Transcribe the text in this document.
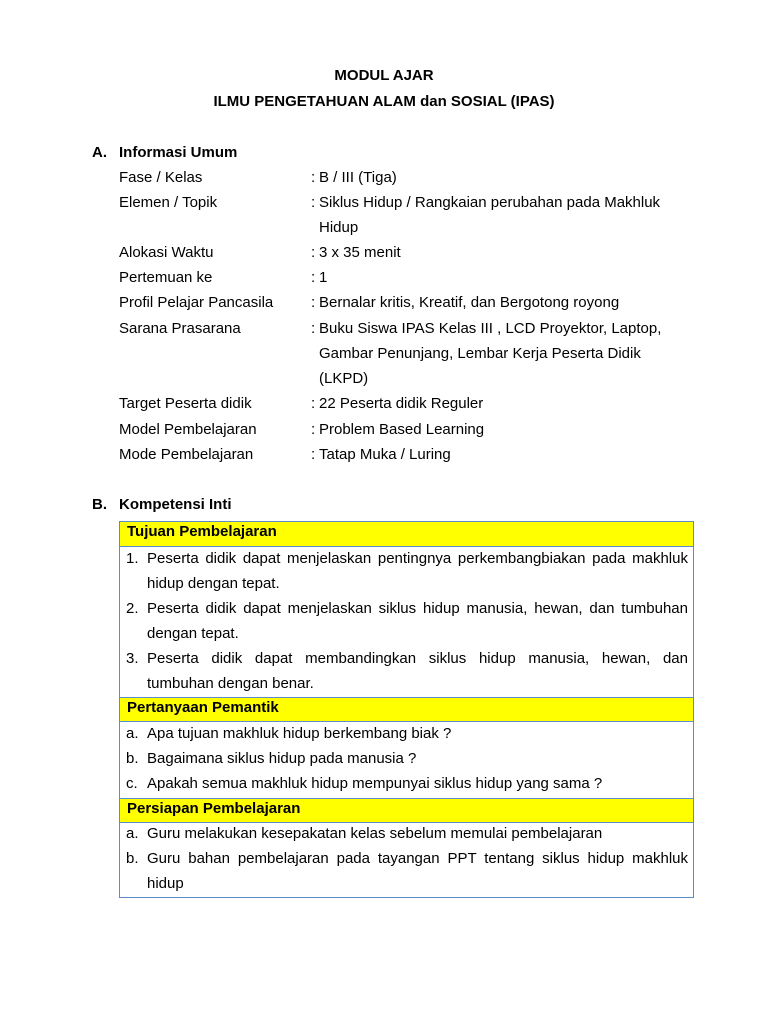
MODUL AJAR
ILMU PENGETAHUAN ALAM dan SOSIAL (IPAS)
A. Informasi Umum
Fase / Kelas	: B / III (Tiga)
Elemen / Topik	: Siklus Hidup / Rangkaian perubahan pada Makhluk Hidup
Alokasi Waktu	: 3 x 35 menit
Pertemuan ke	: 1
Profil Pelajar Pancasila	: Bernalar kritis, Kreatif, dan Bergotong royong
Sarana Prasarana	: Buku Siswa IPAS Kelas III , LCD Proyektor, Laptop, Gambar Penunjang, Lembar Kerja Peserta Didik (LKPD)
Target Peserta didik	: 22 Peserta didik Reguler
Model Pembelajaran	: Problem Based Learning
Mode Pembelajaran	: Tatap Muka / Luring
B. Kompetensi Inti
Tujuan Pembelajaran
1. Peserta didik dapat menjelaskan pentingnya perkembangbiakan pada makhluk hidup dengan tepat.
2. Peserta didik dapat menjelaskan siklus hidup manusia, hewan, dan tumbuhan dengan tepat.
3. Peserta didik dapat membandingkan siklus hidup manusia, hewan, dan tumbuhan dengan benar.
Pertanyaan Pemantik
a. Apa tujuan makhluk hidup berkembang biak ?
b. Bagaimana siklus hidup pada manusia ?
c. Apakah semua makhluk hidup mempunyai siklus hidup yang sama ?
Persiapan Pembelajaran
a. Guru melakukan kesepakatan kelas sebelum memulai pembelajaran
b. Guru bahan pembelajaran pada tayangan PPT tentang siklus hidup makhluk hidup
